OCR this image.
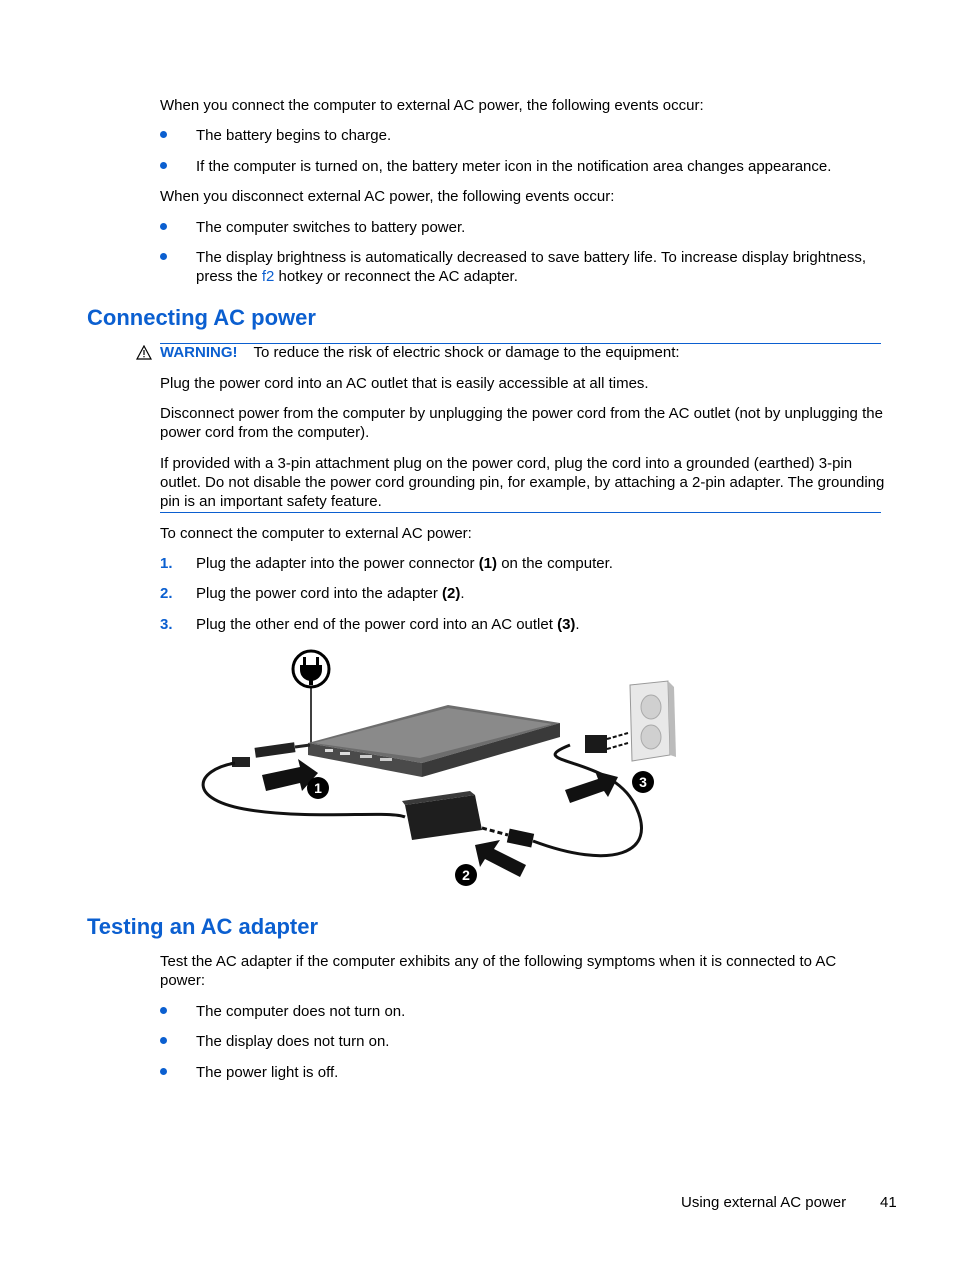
When you connect the computer to external AC power, the following events occur:

The battery begins to charge.
If the computer is turned on, the battery meter icon in the notification area changes appearance.

When you disconnect external AC power, the following events occur:

The computer switches to battery power.
The display brightness is automatically decreased to save battery life. To increase display brightness, press the f2 hotkey or reconnect the AC adapter.
Connecting AC power

WARNING! To reduce the risk of electric shock or damage to the equipment:

Plug the power cord into an AC outlet that is easily accessible at all times.

Disconnect power from the computer by unplugging the power cord from the AC outlet (not by unplugging the power cord from the computer).

If provided with a 3-pin attachment plug on the power cord, plug the cord into a grounded (earthed) 3-pin outlet. Do not disable the power cord grounding pin, for example, by attaching a 2-pin adapter. The grounding pin is an important safety feature.

To connect the computer to external AC power:

1. Plug the adapter into the power connector (1) on the computer.
2. Plug the power cord into the adapter (2).
3. Plug the other end of the power cord into an AC outlet (3).
1
2
3
Testing an AC adapter

Test the AC adapter if the computer exhibits any of the following symptoms when it is connected to AC power:

The computer does not turn on.
The display does not turn on.
The power light is off.
Using external AC power 41
